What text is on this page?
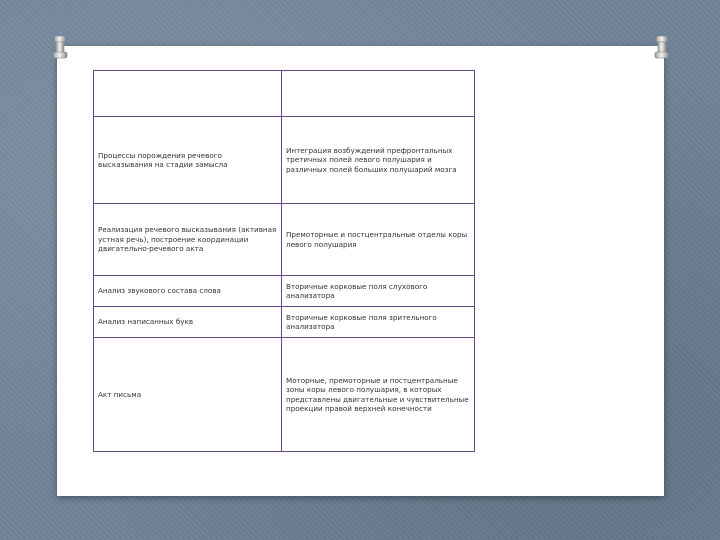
Процессы порождения речевого высказывания на стадии замысла	Интеграция возбуждений префронтальных третичных полей левого полушария и различных полей больших полушарий мозга
Реализация речевого высказывания (активная устная речь), построение координации двигательно-речевого акта	Премоторные и постцентральные отделы коры левого полушария
Анализ звукового состава слова	Вторичные корковые поля слухового анализатора
Анализ написанных букв	Вторичные корковые поля зрительного анализатора
Акт письма	Моторные, премоторные и постцентральные зоны коры левого полушария, в которых представлены двигательные и чувствительные проекции правой верхней конечности
